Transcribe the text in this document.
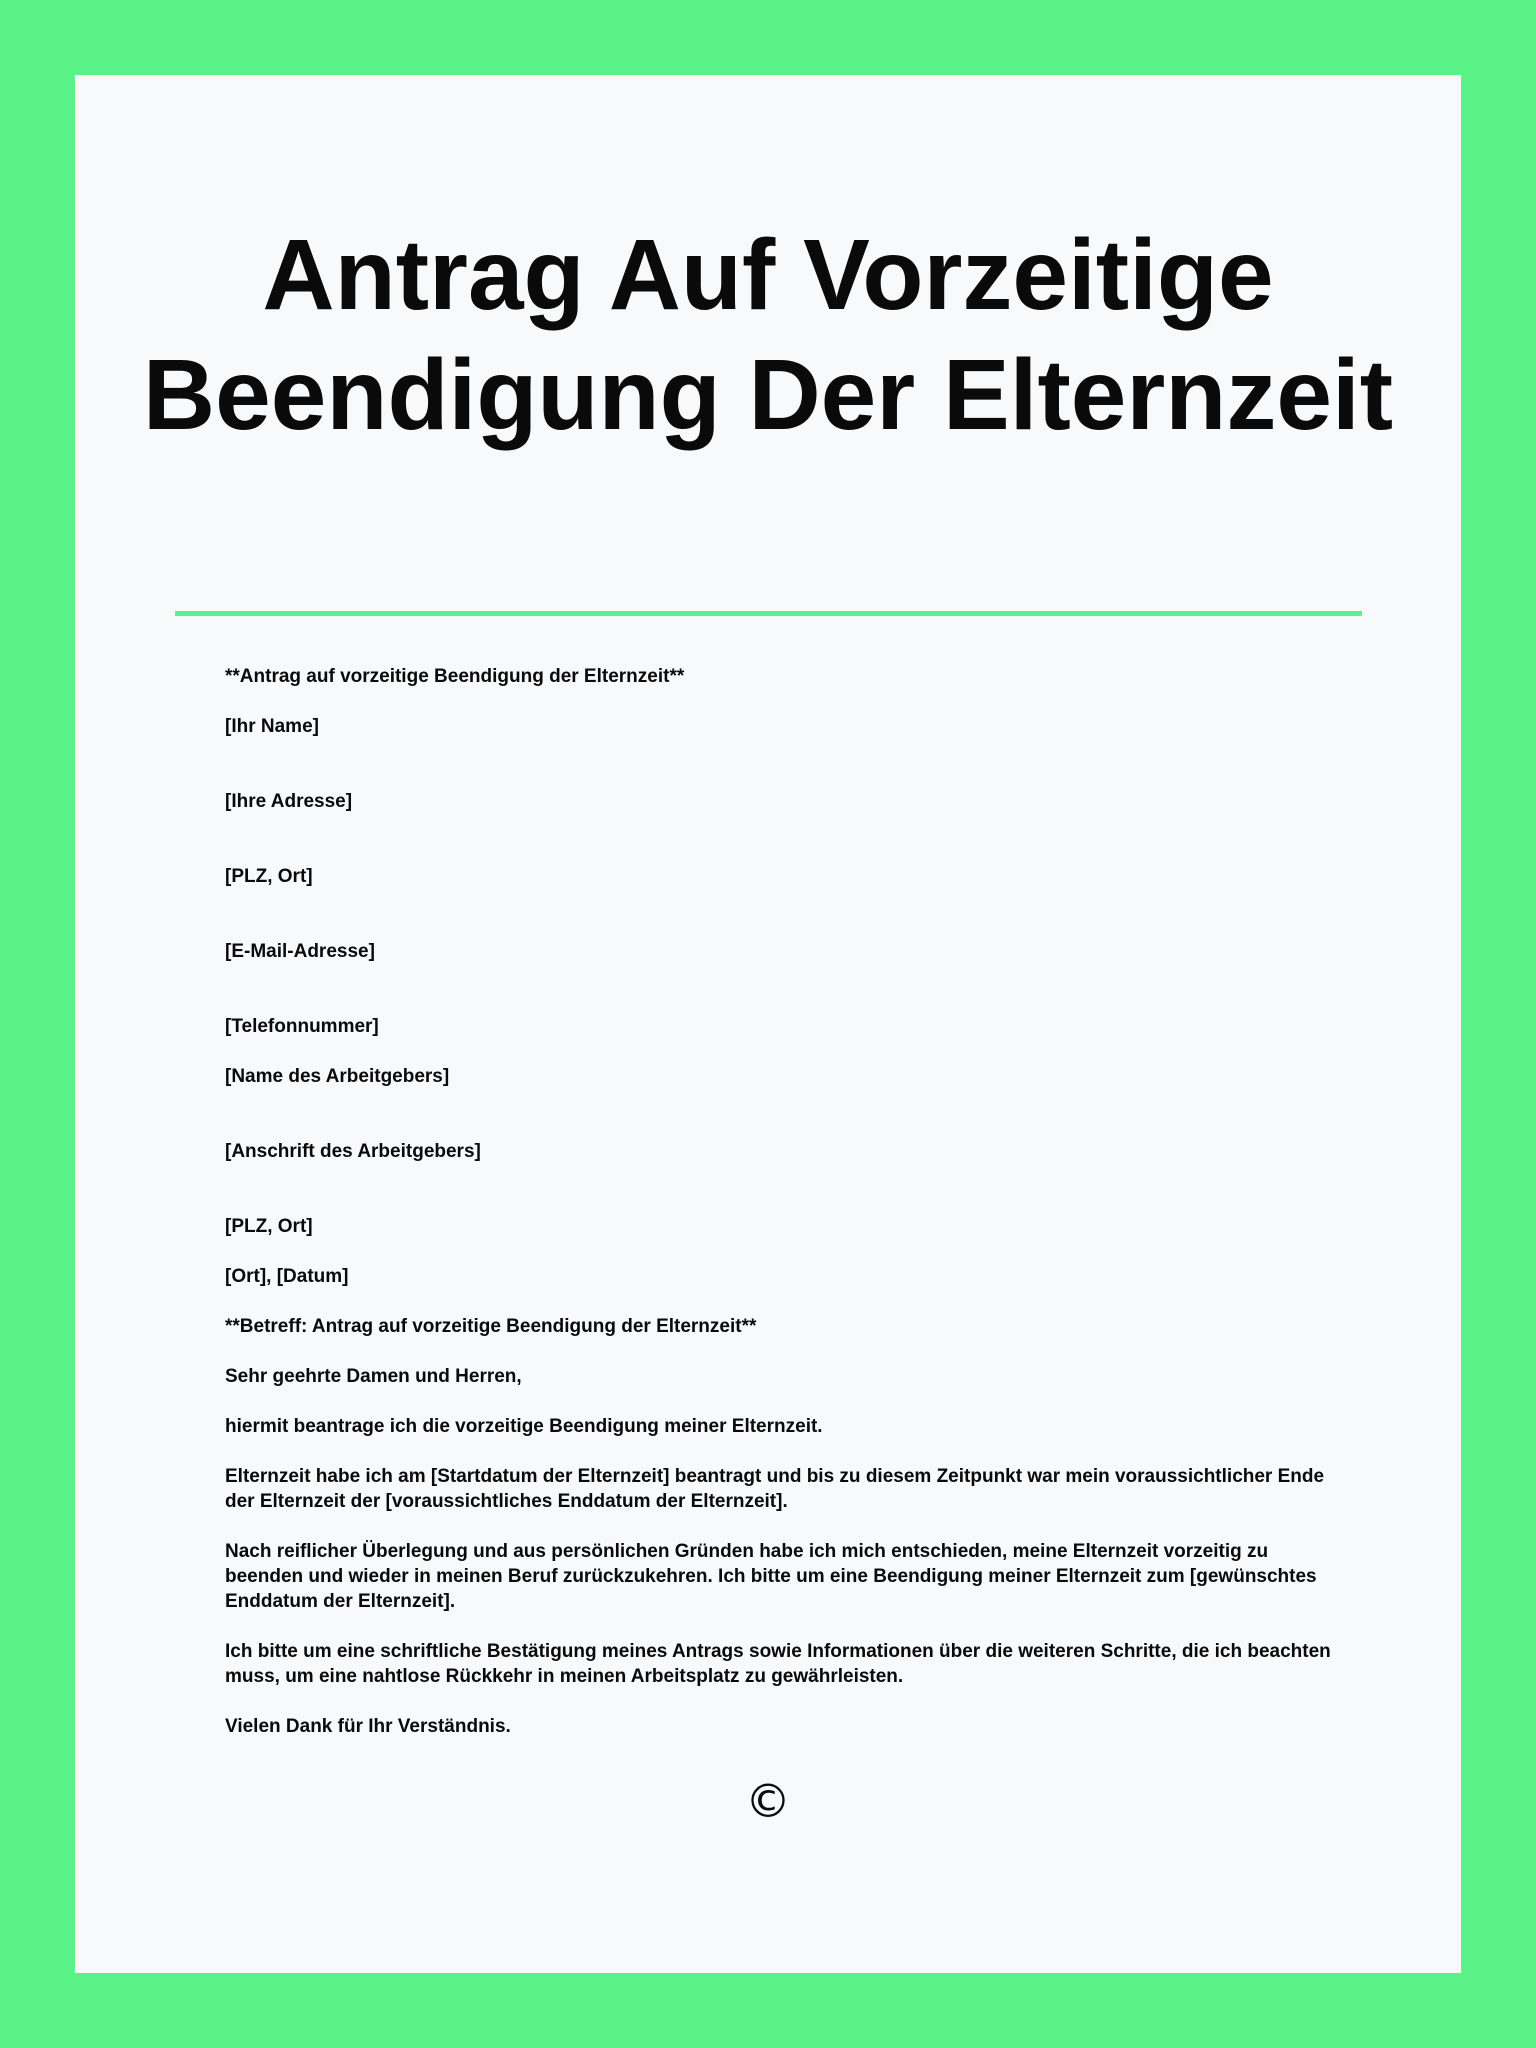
Antrag Auf Vorzeitige Beendigung Der Elternzeit

**Antrag auf vorzeitige Beendigung der Elternzeit**

[Ihr Name]

[Ihre Adresse]

[PLZ, Ort]

[E-Mail-Adresse]

[Telefonnummer]

[Name des Arbeitgebers]

[Anschrift des Arbeitgebers]

[PLZ, Ort]

[Ort], [Datum]

**Betreff: Antrag auf vorzeitige Beendigung der Elternzeit**

Sehr geehrte Damen und Herren,

hiermit beantrage ich die vorzeitige Beendigung meiner Elternzeit.

Elternzeit habe ich am [Startdatum der Elternzeit] beantragt und bis zu diesem Zeitpunkt war mein voraussichtlicher Ende der Elternzeit der [voraussichtliches Enddatum der Elternzeit].

Nach reiflicher Überlegung und aus persönlichen Gründen habe ich mich entschieden, meine Elternzeit vorzeitig zu beenden und wieder in meinen Beruf zurückzukehren. Ich bitte um eine Beendigung meiner Elternzeit zum [gewünschtes Enddatum der Elternzeit].

Ich bitte um eine schriftliche Bestätigung meines Antrags sowie Informationen über die weiteren Schritte, die ich beachten muss, um eine nahtlose Rückkehr in meinen Arbeitsplatz zu gewährleisten.

Vielen Dank für Ihr Verständnis.

©
